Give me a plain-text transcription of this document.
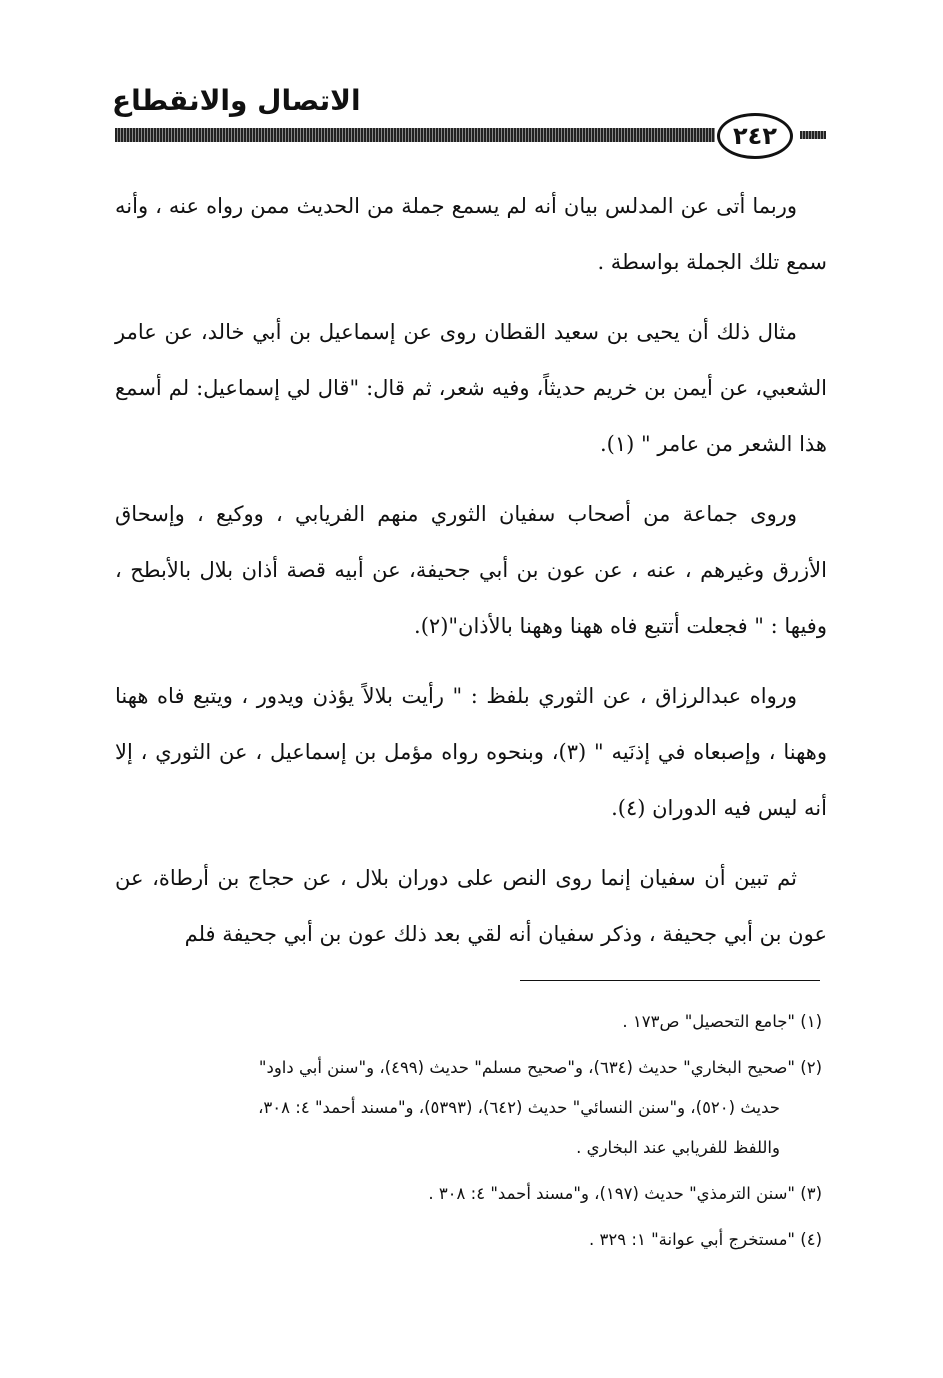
الاتصال والانقطاع
٢٤٢

وربما أتى عن المدلس بيان أنه لم يسمع جملة من الحديث ممن رواه عنه ، وأنه سمع تلك الجملة بواسطة .

مثال ذلك أن يحيى بن سعيد القطان روى عن إسماعيل بن أبي خالد، عن عامر الشعبي، عن أيمن بن خريم حديثاً، وفيه شعر، ثم قال: "قال لي إسماعيل: لم أسمع هذا الشعر من عامر " (١).

وروى جماعة من أصحاب سفيان الثوري منهم الفريابي ، ووكيع ، وإسحاق الأزرق وغيرهم ، عنه ، عن عون بن أبي جحيفة، عن أبيه قصة أذان بلال بالأبطح ، وفيها : " فجعلت أتتبع فاه ههنا وههنا بالأذان"(٢).

ورواه عبدالرزاق ، عن الثوري بلفظ : " رأيت بلالاً يؤذن ويدور ، ويتبع فاه ههنا وههنا ، وإصبعاه في إذنَيه " (٣)، وبنحوه رواه مؤمل بن إسماعيل ، عن الثوري ، إلا أنه ليس فيه الدوران (٤).

ثم تبين أن سفيان إنما روى النص على دوران بلال ، عن حجاج بن أرطاة، عن عون بن أبي جحيفة ، وذكر سفيان أنه لقي بعد ذلك عون بن أبي جحيفة فلم

(١) "جامع التحصيل" ص١٧٣ .
(٢) "صحيح البخاري" حديث (٦٣٤)، و"صحيح مسلم" حديث (٤٩٩)، و"سنن أبي داود"
حديث (٥٢٠)، و"سنن النسائي" حديث (٦٤٢)، (٥٣٩٣)، و"مسند أحمد" ٤: ٣٠٨،
واللفظ للفريابي عند البخاري .
(٣) "سنن الترمذي" حديث (١٩٧)، و"مسند أحمد" ٤: ٣٠٨ .
(٤) "مستخرج أبي عوانة" ١: ٣٢٩ .
